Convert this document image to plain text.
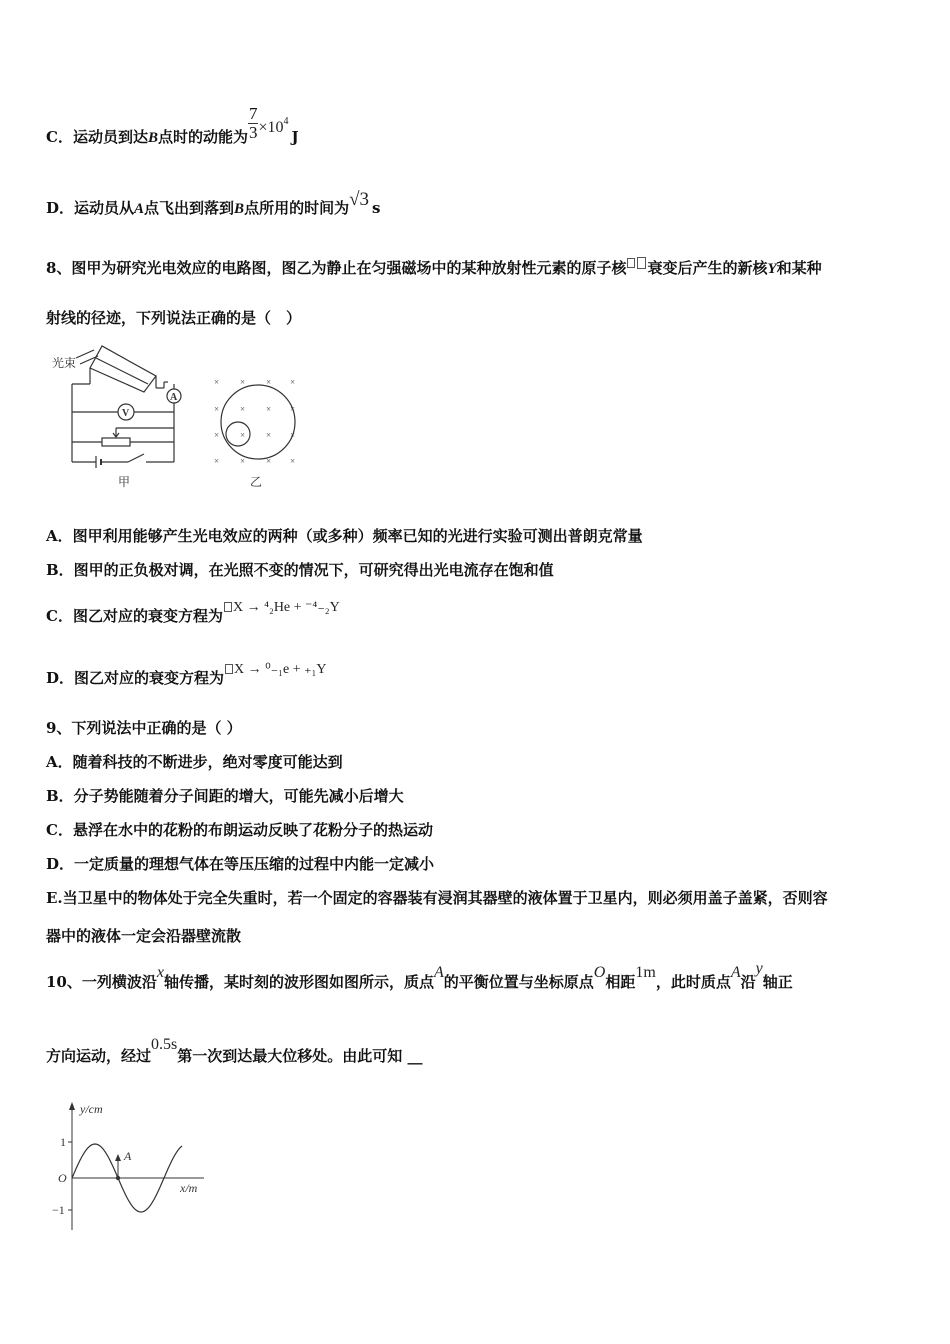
C．运动员到达B点时的动能为 $\frac{7}{3} \times 10^4J$
D．运动员从A点飞出到落到B点所用的时间为√3 s
8、图甲为研究光电效应的电路图，图乙为静止在匀强磁场中的某种放射性元素的原子核 衰变后产生的新核Y和某种
射线的径迹，下列说法正确的是（　）
光束
A
V
甲
× × × ×
× × × ×
× × × ×
× × × ×
乙
A．图甲利用能够产生光电效应的两种（或多种）频率已知的光进行实验可测出普朗克常量
B．图甲的正负极对调，在光照不变的情况下，可研究得出光电流存在饱和值
C．图乙对应的衰变方程为 X → ⁴₂He + ⁻⁴₋₂Y
D．图乙对应的衰变方程为 X → ⁰₋₁e + ₊₁Y
9、下列说法中正确的是（ ）
A．随着科技的不断进步，绝对零度可能达到
B．分子势能随着分子间距的增大，可能先减小后增大
C．悬浮在水中的花粉的布朗运动反映了花粉分子的热运动
D．一定质量的理想气体在等压压缩的过程中内能一定减小
E.当卫星中的物体处于完全失重时，若一个固定的容器装有浸润其器壁的液体置于卫星内，则必须用盖子盖紧，否则容
器中的液体一定会沿器壁流散
10、一列横波沿x轴传播，某时刻的波形图如图所示，质点A的平衡位置与坐标原点O相距1m，此时质点A沿y轴正
方向运动，经过0.5s第一次到达最大位移处。由此可知 __
y/cm
x/m
1
−1
O
A
